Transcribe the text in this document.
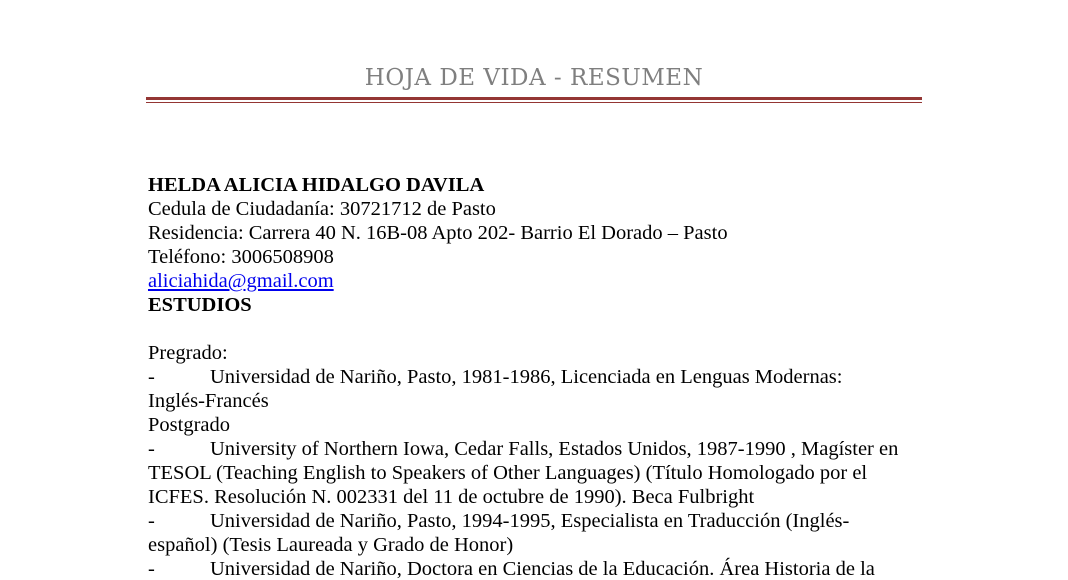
HOJA DE VIDA - RESUMEN
HELDA ALICIA HIDALGO DAVILA
Cedula de Ciudadanía: 30721712 de Pasto
Residencia: Carrera 40 N. 16B-08 Apto 202- Barrio El Dorado – Pasto
Teléfono: 3006508908
aliciahida@gmail.com
ESTUDIOS
Pregrado:
-	Universidad de Nariño, Pasto, 1981-1986, Licenciada en Lenguas Modernas:
Inglés-Francés
Postgrado
-	University of Northern Iowa, Cedar Falls, Estados Unidos, 1987-1990 , Magíster en
TESOL (Teaching English to Speakers of Other Languages) (Título Homologado por el
ICFES. Resolución N. 002331 del 11 de octubre de 1990). Beca Fulbright
-	Universidad de Nariño, Pasto, 1994-1995, Especialista en Traducción (Inglés-
español) (Tesis Laureada y Grado de Honor)
-	Universidad de Nariño, Doctora en Ciencias de la Educación. Área Historia de la
